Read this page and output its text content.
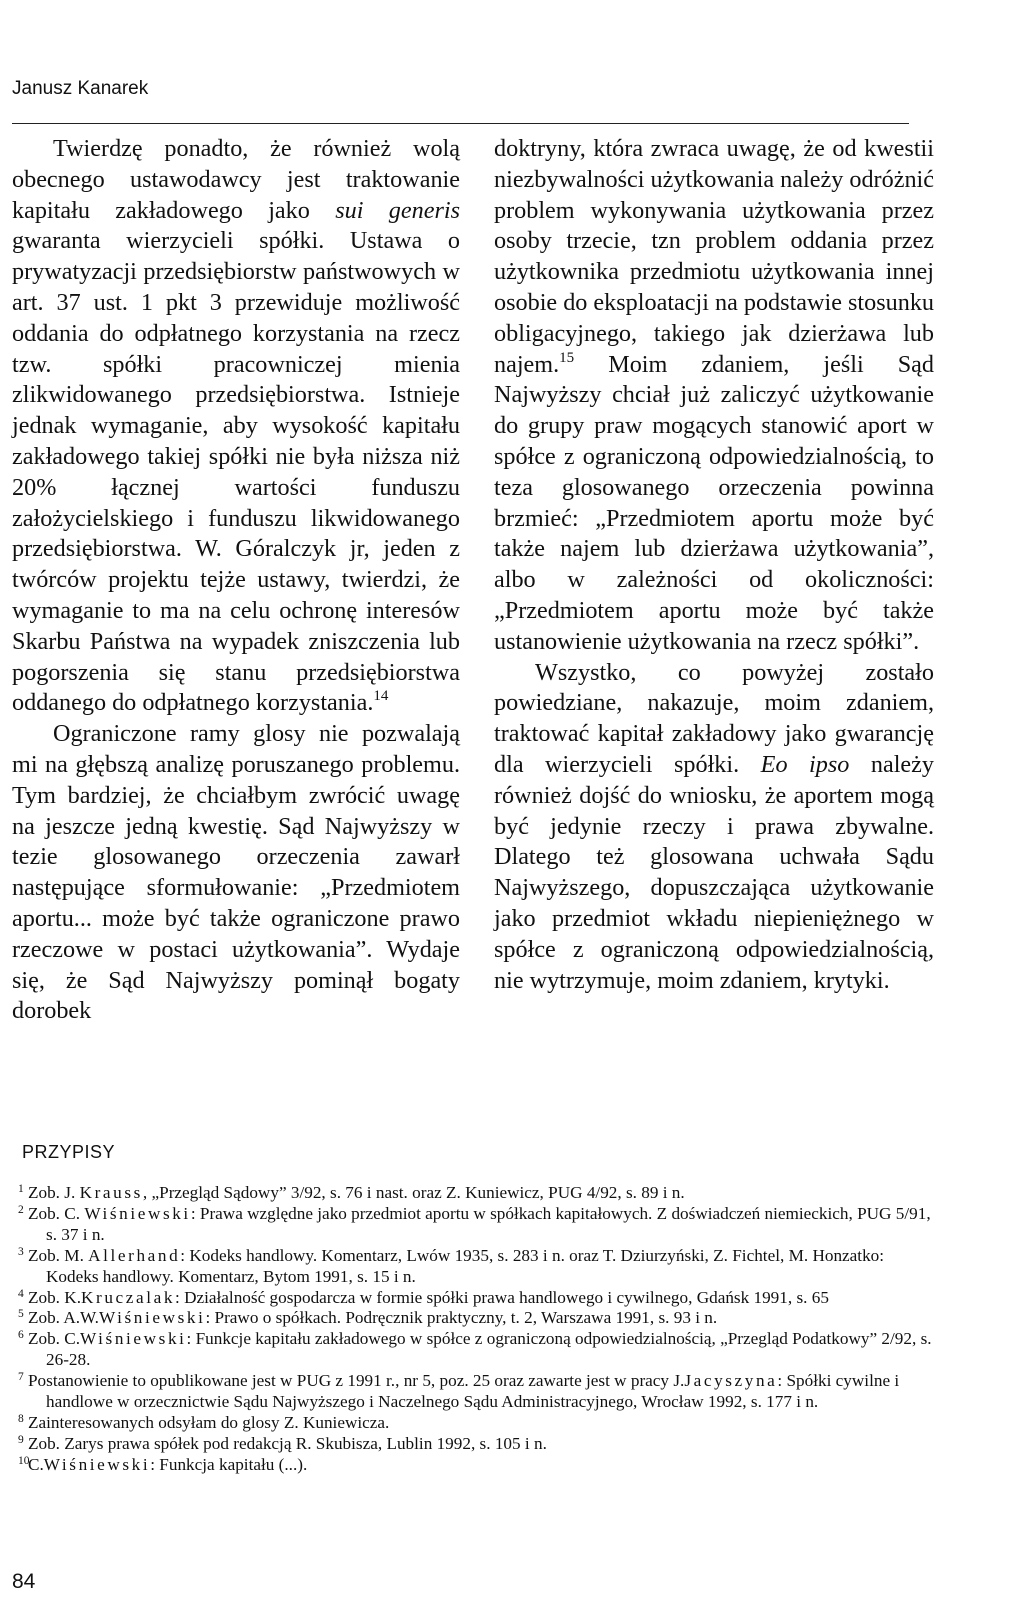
Janusz Kanarek

Twierdzę ponadto, że również wolą obecnego ustawodawcy jest traktowanie kapitału zakładowego jako sui generis gwaranta wierzycieli spółki. Ustawa o prywatyzacji przedsiębiorstw państwowych w art. 37 ust. 1 pkt 3 przewiduje możliwość oddania do odpłatnego korzystania na rzecz tzw. spółki pracowniczej mienia zlikwidowanego przedsiębiorstwa. Istnieje jednak wymaganie, aby wysokość kapitału zakładowego takiej spółki nie była niższa niż 20% łącznej wartości funduszu założycielskiego i funduszu likwidowanego przedsiębiorstwa. W. Góralczyk jr, jeden z twórców projektu tejże ustawy, twierdzi, że wymaganie to ma na celu ochronę interesów Skarbu Państwa na wypadek zniszczenia lub pogorszenia się stanu przedsiębiorstwa oddanego do odpłatnego korzystania.$^{14}$

Ograniczone ramy glosy nie pozwalają mi na głębszą analizę poruszanego problemu. Tym bardziej, że chciałbym zwrócić uwagę na jeszcze jedną kwestię. Sąd Najwyższy w tezie glosowanego orzeczenia zawarł następujące sformułowanie: „Przedmiotem aportu... może być także ograniczone prawo rzeczowe w postaci użytkowania”. Wydaje się, że Sąd Najwyższy pominął bogaty dorobek

doktryny, która zwraca uwagę, że od kwestii niezbywalności użytkowania należy odróżnić problem wykonywania użytkowania przez osoby trzecie, tzn problem oddania przez użytkownika przedmiotu użytkowania innej osobie do eksploatacji na podstawie stosunku obligacyjnego, takiego jak dzierżawa lub najem.$^{15}$ Moim zdaniem, jeśli Sąd Najwyższy chciał już zaliczyć użytkowanie do grupy praw mogących stanowić aport w spółce z ograniczoną odpowiedzialnością, to teza glosowanego orzeczenia powinna brzmieć: „Przedmiotem aportu może być także najem lub dzierżawa użytkowania”, albo w zależności od okoliczności: „Przedmiotem aportu może być także ustanowienie użytkowania na rzecz spółki”.

Wszystko, co powyżej zostało powiedziane, nakazuje, moim zdaniem, traktować kapitał zakładowy jako gwarancję dla wierzycieli spółki. Eo ipso należy również dojść do wniosku, że aportem mogą być jedynie rzeczy i prawa zbywalne. Dlatego też glosowana uchwała Sądu Najwyższego, dopuszczająca użytkowanie jako przedmiot wkładu niepieniężnego w spółce z ograniczoną odpowiedzialnością, nie wytrzymuje, moim zdaniem, krytyki.

PRZYPISY
$^1$ Zob. J. Krauss, „Przegląd Sądowy” 3/92, s. 76 i nast. oraz Z. Kuniewicz, PUG 4/92, s. 89 i n.
$^2$ Zob. C. Wiśniewski: Prawa względne jako przedmiot aportu w spółkach kapitałowych. Z doświadczeń niemieckich, PUG 5/91, s. 37 i n.
$^3$ Zob. M. Allerhand: Kodeks handlowy. Komentarz, Lwów 1935, s. 283 i n. oraz T. Dziurzyński, Z. Fichtel, M. Honzatko: Kodeks handlowy. Komentarz, Bytom 1991, s. 15 i n.
$^4$ Zob. K.Kruczalak: Działalność gospodarcza w formie spółki prawa handlowego i cywilnego, Gdańsk 1991, s. 65
$^5$ Zob. A.W.Wiśniewski: Prawo o spółkach. Podręcznik praktyczny, t. 2, Warszawa 1991, s. 93 i n.
$^6$ Zob. C.Wiśniewski: Funkcje kapitału zakładowego w spółce z ograniczoną odpowiedzialnością, „Przegląd Podatkowy” 2/92, s. 26-28.
$^7$ Postanowienie to opublikowane jest w PUG z 1991 r., nr 5, poz. 25 oraz zawarte jest w pracy J.Jacyszyna: Spółki cywilne i handlowe w orzecznictwie Sądu Najwyższego i Naczelnego Sądu Administracyjnego, Wrocław 1992, s. 177 i n.
$^8$ Zainteresowanych odsyłam do glosy Z. Kuniewicza.
$^9$ Zob. Zarys prawa spółek pod redakcją R. Skubisza, Lublin 1992, s. 105 i n.
$^{10}$C.Wiśniewski: Funkcja kapitału (...).
84
